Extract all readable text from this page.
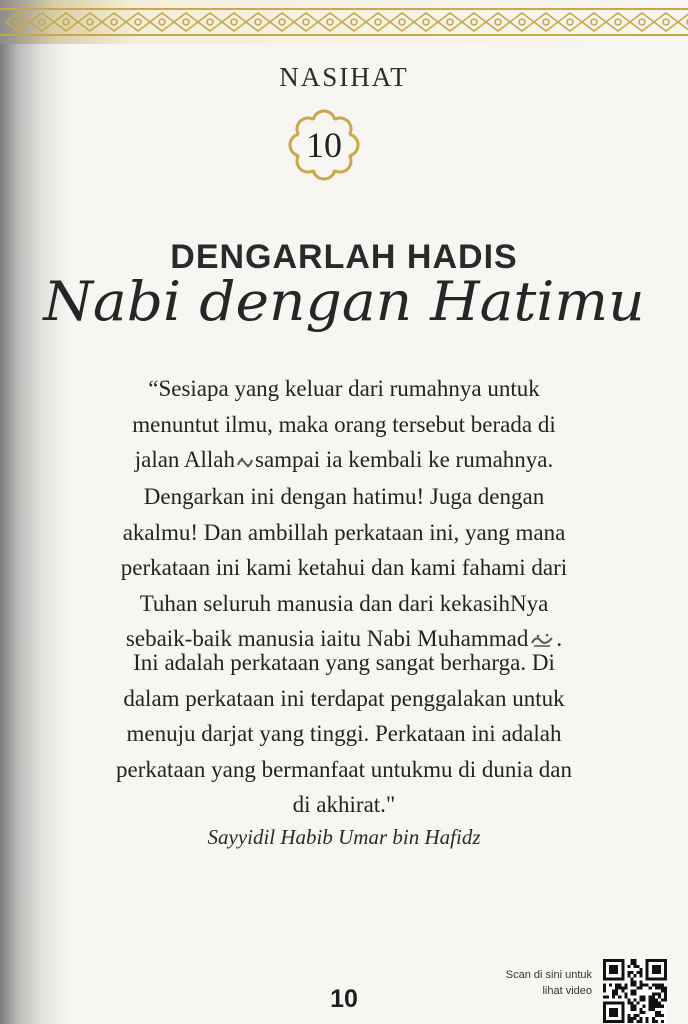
NASIHAT
10
DENGARLAH HADIS
Nabi dengan Hatimu
“Sesiapa yang keluar dari rumahnya untuk
menuntut ilmu, maka orang tersebut berada di
jalan Allah sampai ia kembali ke rumahnya.
Dengarkan ini dengan hatimu! Juga dengan
akalmu! Dan ambillah perkataan ini, yang mana
perkataan ini kami ketahui dan kami fahami dari
Tuhan seluruh manusia dan dari kekasihNya
sebaik-baik manusia iaitu Nabi Muhammad .
Ini adalah perkataan yang sangat berharga. Di
dalam perkataan ini terdapat penggalakan untuk
menuju darjat yang tinggi. Perkataan ini adalah
perkataan yang bermanfaat untukmu di dunia dan
di akhirat."
Sayyidil Habib Umar bin Hafidz
10
Scan di sini untuk
lihat video
